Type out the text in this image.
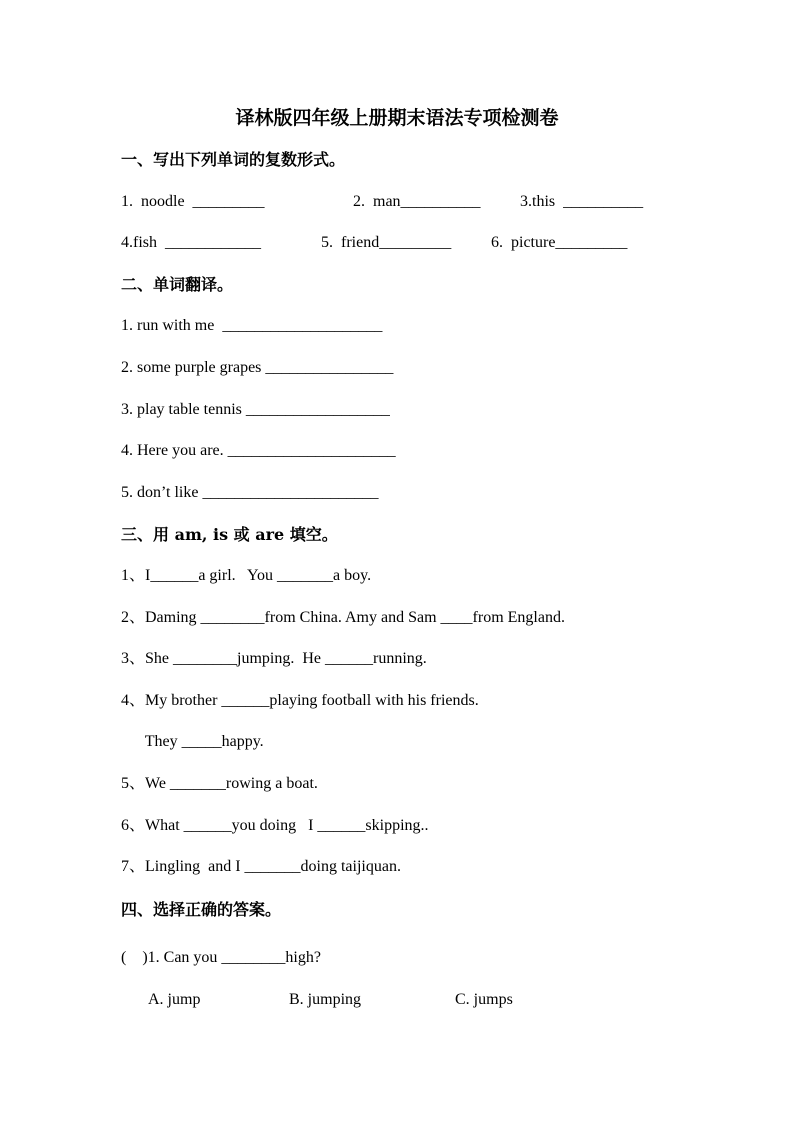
译林版四年级上册期末语法专项检测卷
一、写出下列单词的复数形式。
1.  noodle  _________	2.  man__________ 3.this  __________
4.fish  ____________	5.  friend_________ 6.  picture_________
二、单词翻译。
1. run with me  ____________________
2. some purple grapes ________________
3. play table tennis __________________
4. Here you are. _____________________
5. don’t like ______________________
三、用 am, is 或 are 填空。
1、I______a girl.   You _______a boy.
2、Daming ________from China. Amy and Sam ____from England.
3、She ________jumping.  He ______running.
4、My brother ______playing football with his friends.
They _____happy.
5、We _______rowing a boat.
6、What ______you doing   I ______skipping..
7、Lingling  and I _______doing taijiquan.
四、选择正确的答案。
(    )1. Can you ________high?
A. jump	B. jumping	C. jumps
